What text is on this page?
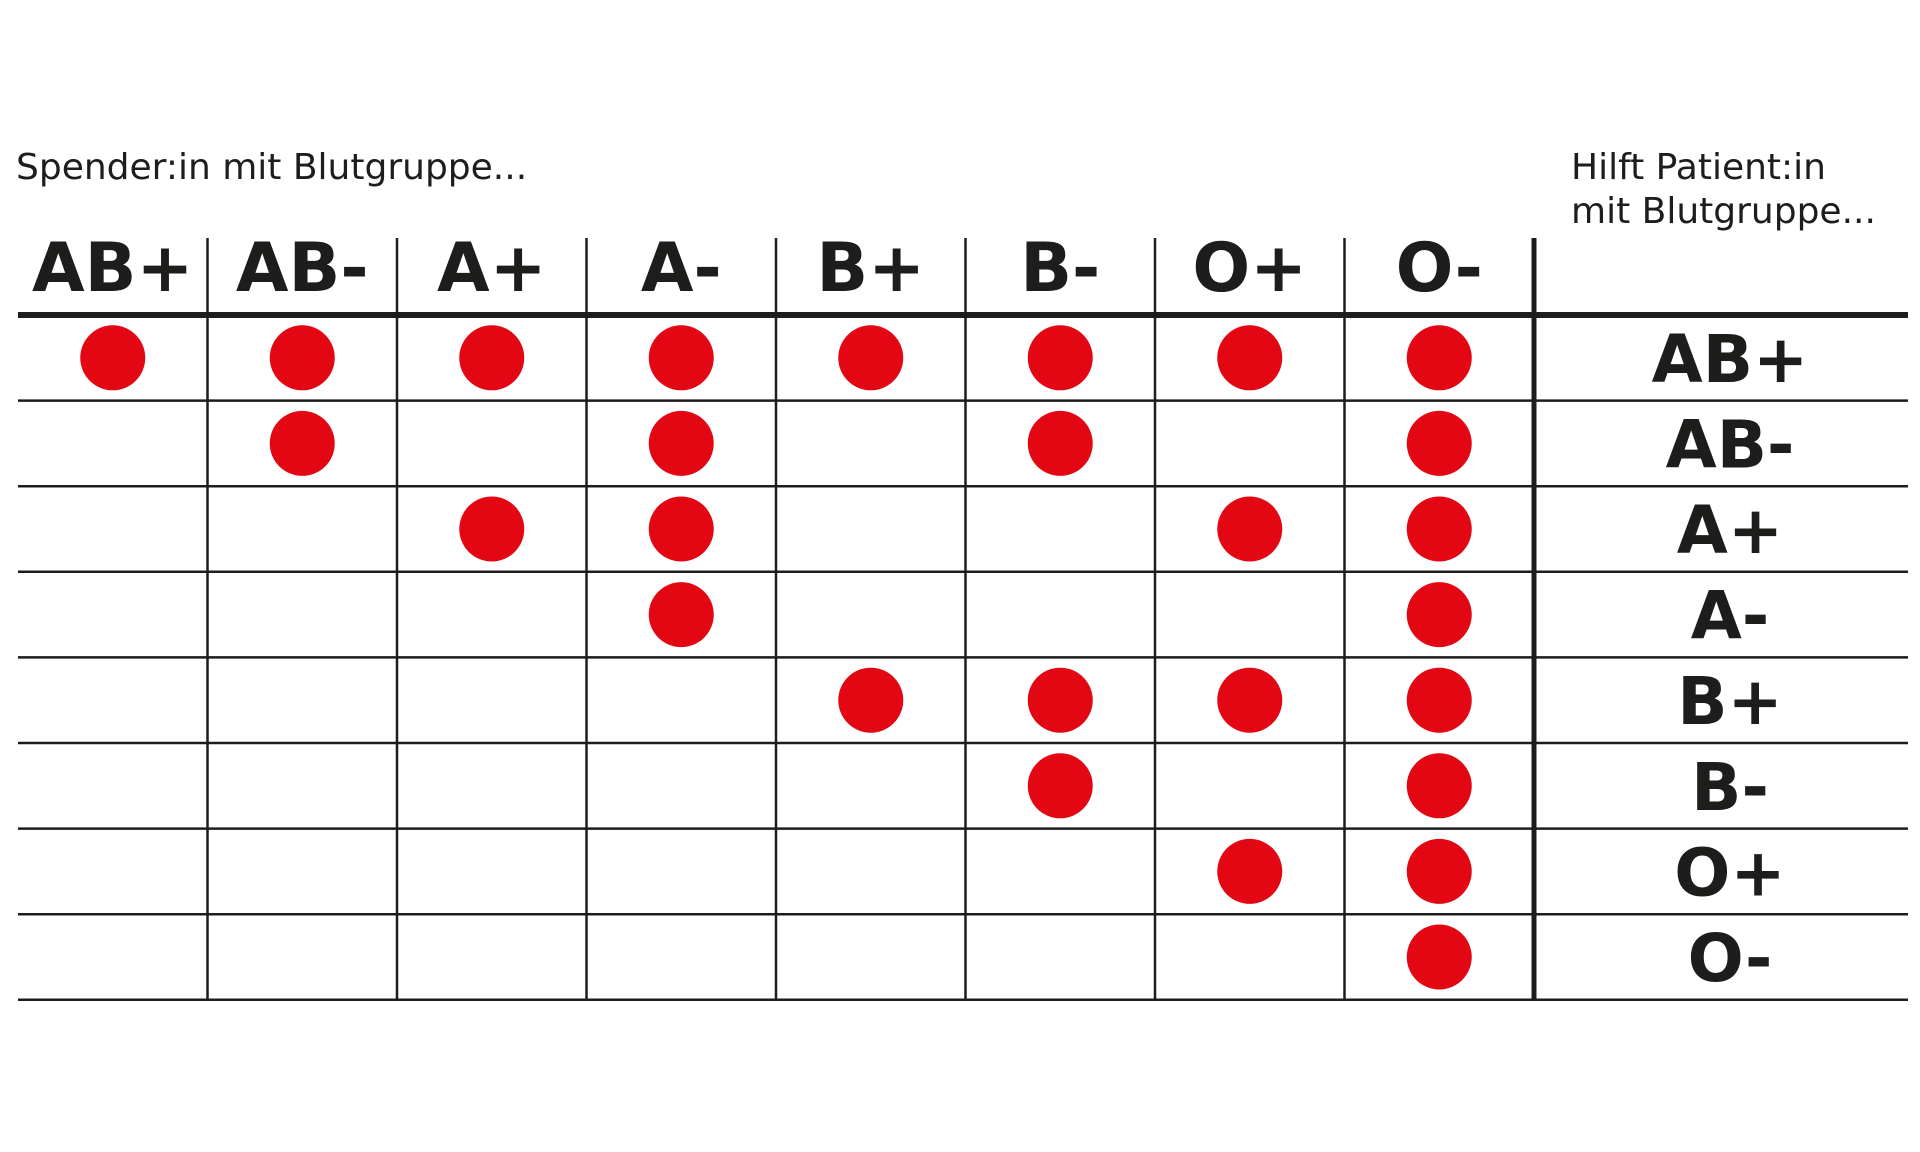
Spender:in mit Blutgruppe...	Hilft Patient:in
mit Blutgruppe...
AB+ AB- A+ A- B+ B- O+ O-
AB+
AB-
A+
A-
B+
B-
O+
O-
